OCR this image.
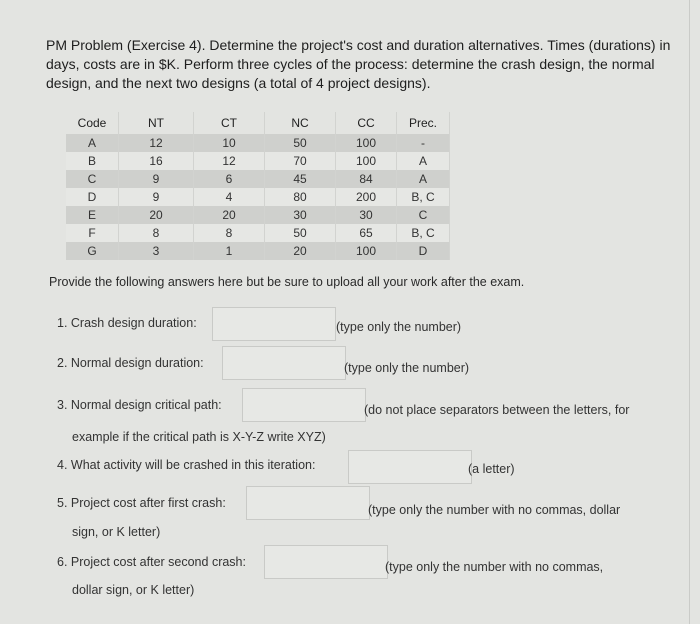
PM Problem (Exercise 4). Determine the project's cost and duration alternatives. Times (durations) in days, costs are in $K. Perform three cycles of the process: determine the crash design, the normal design, and the next two designs (a total of 4 project designs).
Code	NT	CT	NC	CC	Prec.
A	12	10	50	100	-
B	16	12	70	100	A
C	9	6	45	84	A
D	9	4	80	200	B, C
E	20	20	30	30	C
F	8	8	50	65	B, C
G	3	1	20	100	D
Provide the following answers here but be sure to upload all your work after the exam.
1. Crash design duration:	(type only the number)
2. Normal design duration:	(type only the number)
3. Normal design critical path:	(do not place separators between the letters, for
example if the critical path is X-Y-Z write XYZ)
4. What activity will be crashed in this iteration:	(a letter)
5. Project cost after first crash:	(type only the number with no commas, dollar
sign, or K letter)
6. Project cost after second crash:	(type only the number with no commas,
dollar sign, or K letter)
